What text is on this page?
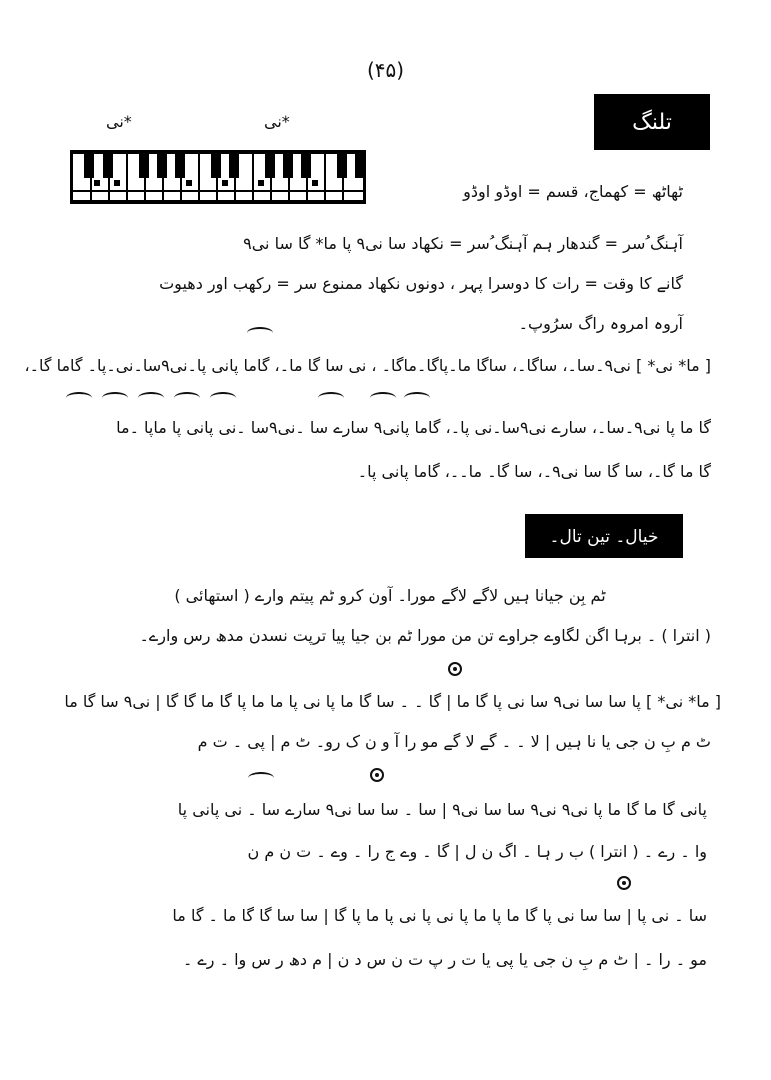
(۴۵)
تلنگ
نی*	نی*
ٹھاٹھ = کھماج، قسم = اوڈو اوڈو
آہنگ ُسر = گندھار ہم آہنگ ُسر = نکھاد سا نی۹ پا ما* گا سا نی۹
گانے کا وقت = رات کا دوسرا پہر ، دونوں نکھاد ممنوع سر = رکھب اور دھیوت
آروہ امروہ راگ سرُوپ۔
[ ما* نی* ] نی۹۔سا۔، ساگا۔، ساگا ما۔پاگا۔ماگا۔ ، نی سا گا ما۔، گاما پانی پا۔نی۹سا۔نی۔پا۔ گاما گا۔،
گا ما پا نی۹۔سا۔، سارے نی۹سا۔نی پا۔، گاما پانی۹ سارے سا ۔نی۹سا ۔نی پانی پا ماپا ۔ما
گا ما گا۔، سا گا سا نی۹۔، سا گا۔ ما۔۔، گاما پانی پا۔
خیال۔ تین تال۔
( استھائی ) ٹم بِن جیانا ہیں لاگے لاگے مورا۔ آون کرو ٹم پیتم وارے
( انترا ) ۔ برہا اگن لگاوے جراوے تن من مورا ٹم بن جیا پیا ترپت نسدن مدھ رس وارے۔
[ ما* نی* ] پا سا سا نی۹ سا نی پا گا ما | گا ۔ ۔ سا گا ما پا نی پا ما ما پا گا ما گا گا | نی۹ سا گا ما
ٹ م بِ ن جی یا نا ہیں | لا ۔ ۔ گے لا گے مو را آ و ن ک رو۔ ٹ م | پی ۔ ت م
پانی گا ما گا ما پا نی۹ نی۹ سا سا نی۹ | سا ۔ سا سا نی۹ سارے سا ۔ نی پانی پا
وا ۔ رے ۔ ( انترا ) ب ر ہا ۔ اگ ن ل | گا ۔ وے ج را ۔ وے ۔ ت ن م ن
سا ۔ نی پا | سا سا نی پا گا ما پا ما پا نی پا نی پا ما پا گا | سا سا گا گا ما ۔ گا ما
مو ۔ را ۔ | ٹ م بِ ن جی یا پی یا ت ر پ ت ن س د ن | م دھ ر س وا ۔ رے ۔
